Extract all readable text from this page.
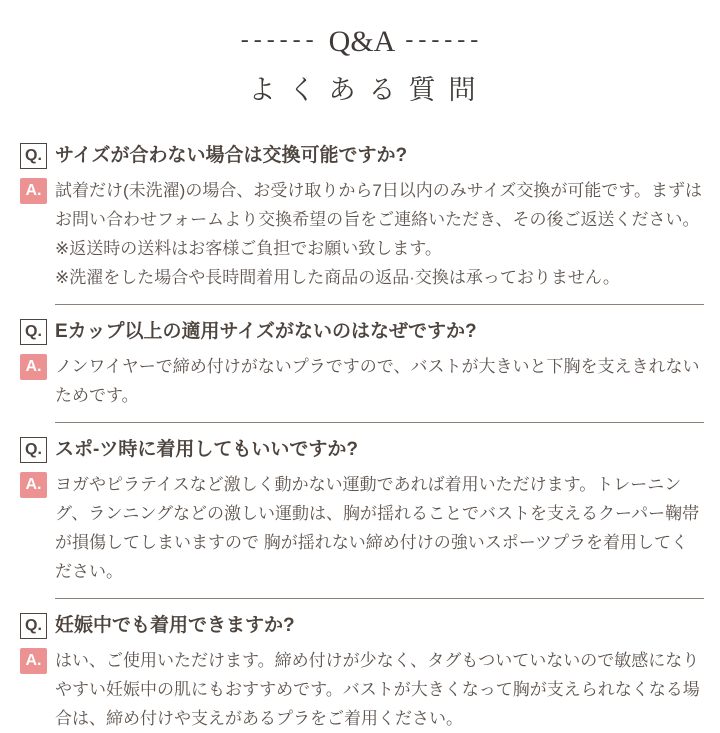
------ Q&A ------
よくある質問
Q. サイズが合わない場合は交換可能ですか?
A. 試着だけ(未洗濯)の場合、お受け取りから7日以内のみサイズ交換が可能です。まずはお問い合わせフォームより交換希望の旨をご連絡いただき、その後ご返送ください。
※返送時の送料はお客様ご負担でお願い致します。
※洗濯をした場合や長時間着用した商品の返品·交換は承っておりません。
Q. Eカップ以上の適用サイズがないのはなぜですか?
A. ノンワイヤーで締め付けがないプラですので、バストが大きいと下胸を支えきれないためです。
Q. スポ-ツ時に着用してもいいですか?
A. ヨガやピラテイスなど激しく動かない運動であれば着用いただけます。トレーニング、ランニングなどの激しい運動は、胸が揺れることでバストを支えるクーパー鞠帯が損傷してしまいますので 胸が揺れない締め付けの強いスポーツプラを着用してください。
Q. 妊娠中でも着用できますか?
A. はい、ご使用いただけます。締め付けが少なく、タグもついていないので敏感になりやすい妊娠中の肌にもおすすめです。バストが大きくなって胸が支えられなくなる場合は、締め付けや支えがあるプラをご着用ください。
